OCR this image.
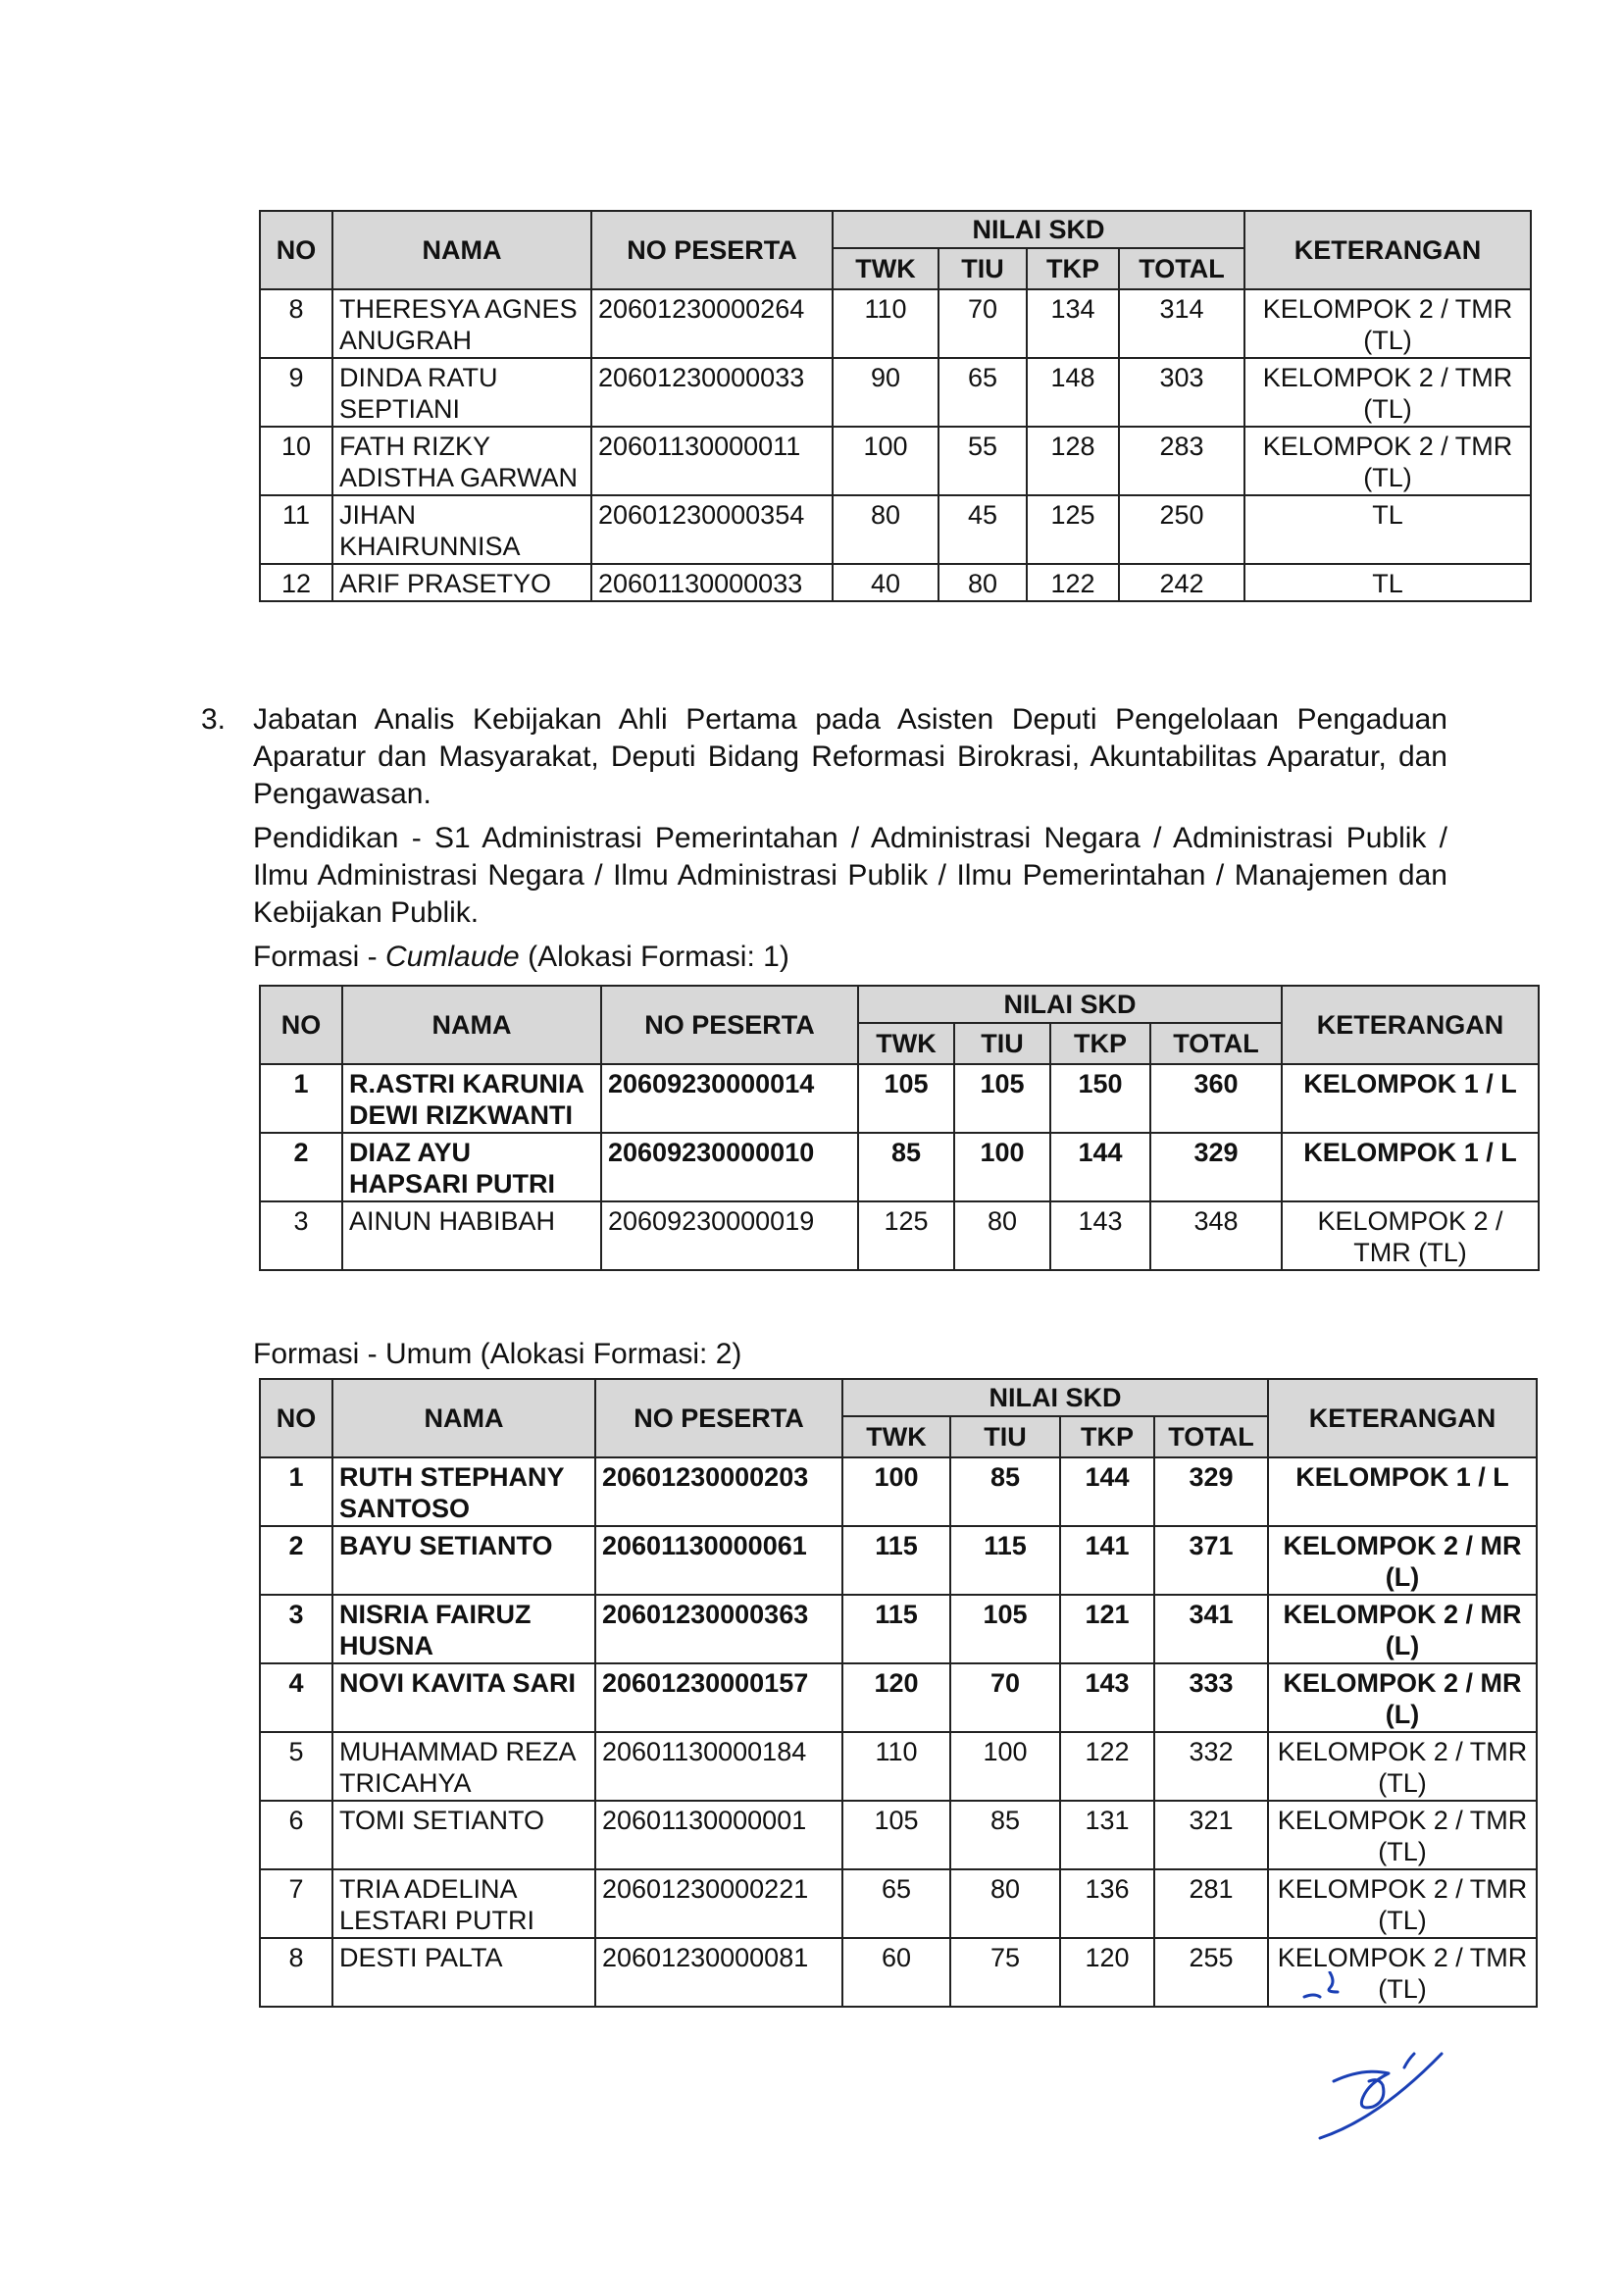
NO	NAMA	NO PESERTA	NILAI SKD				KETERANGAN
			TWK	TIU	TKP	TOTAL	
8	THERESYA AGNES ANUGRAH	20601230000264	110	70	134	314	KELOMPOK 2 / TMR (TL)
9	DINDA RATU SEPTIANI	20601230000033	90	65	148	303	KELOMPOK 2 / TMR (TL)
10	FATH RIZKY ADISTHA GARWAN	20601130000011	100	55	128	283	KELOMPOK 2 / TMR (TL)
11	JIHAN KHAIRUNNISA	20601230000354	80	45	125	250	TL
12	ARIF PRASETYO	20601130000033	40	80	122	242	TL
3. Jabatan Analis Kebijakan Ahli Pertama pada Asisten Deputi Pengelolaan Pengaduan Aparatur dan Masyarakat, Deputi Bidang Reformasi Birokrasi, Akuntabilitas Aparatur, dan Pengawasan.
Pendidikan - S1 Administrasi Pemerintahan / Administrasi Negara / Administrasi Publik / Ilmu Administrasi Negara / Ilmu Administrasi Publik / Ilmu Pemerintahan / Manajemen dan Kebijakan Publik.
Formasi - Cumlaude (Alokasi Formasi: 1)
NO	NAMA	NO PESERTA	NILAI SKD				KETERANGAN
			TWK	TIU	TKP	TOTAL	
1	R.ASTRI KARUNIA DEWI RIZKWANTI	20609230000014	105	105	150	360	KELOMPOK 1 / L
2	DIAZ AYU HAPSARI PUTRI	20609230000010	85	100	144	329	KELOMPOK 1 / L
3	AINUN HABIBAH	20609230000019	125	80	143	348	KELOMPOK 2 / TMR (TL)
Formasi - Umum (Alokasi Formasi: 2)
NO	NAMA	NO PESERTA	NILAI SKD				KETERANGAN
			TWK	TIU	TKP	TOTAL	
1	RUTH STEPHANY SANTOSO	20601230000203	100	85	144	329	KELOMPOK 1 / L
2	BAYU SETIANTO	20601130000061	115	115	141	371	KELOMPOK 2 / MR (L)
3	NISRIA FAIRUZ HUSNA	20601230000363	115	105	121	341	KELOMPOK 2 / MR (L)
4	NOVI KAVITA SARI	20601230000157	120	70	143	333	KELOMPOK 2 / MR (L)
5	MUHAMMAD REZA TRICAHYA	20601130000184	110	100	122	332	KELOMPOK 2 / TMR (TL)
6	TOMI SETIANTO	20601130000001	105	85	131	321	KELOMPOK 2 / TMR (TL)
7	TRIA ADELINA LESTARI PUTRI	20601230000221	65	80	136	281	KELOMPOK 2 / TMR (TL)
8	DESTI PALTA	20601230000081	60	75	120	255	KELOMPOK 2 / TMR (TL)
